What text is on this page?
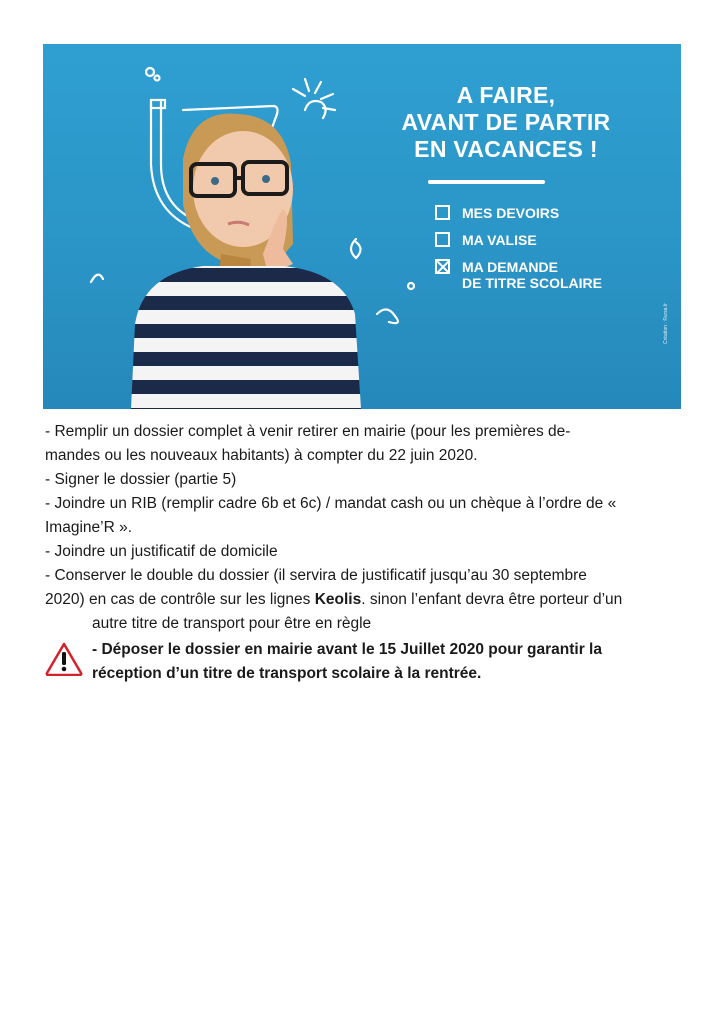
A FAIRE,
AVANT DE PARTIR
EN VACANCES !
MES DEVOIRS
MA VALISE
MA DEMANDE
DE TITRE SCOLAIRE
Création : ©ursa.fr

- Remplir un dossier complet à venir retirer en mairie (pour les premières de-

mandes ou les nouveaux habitants) à compter du 22 juin 2020.

- Signer le dossier (partie 5)

- Joindre un RIB (remplir cadre 6b et 6c) / mandat cash ou un chèque à l’ordre de «

Imagine’R ».

- Joindre un justificatif de domicile

- Conserver le double du dossier (il servira de justificatif jusqu’au 30 septembre

2020) en cas de contrôle sur les lignes Keolis. sinon l’enfant devra être porteur d’un

autre titre de transport pour être en règle

- Déposer le dossier en mairie avant le 15 Juillet 2020 pour garantir la

réception d’un titre de transport scolaire à la rentrée.
